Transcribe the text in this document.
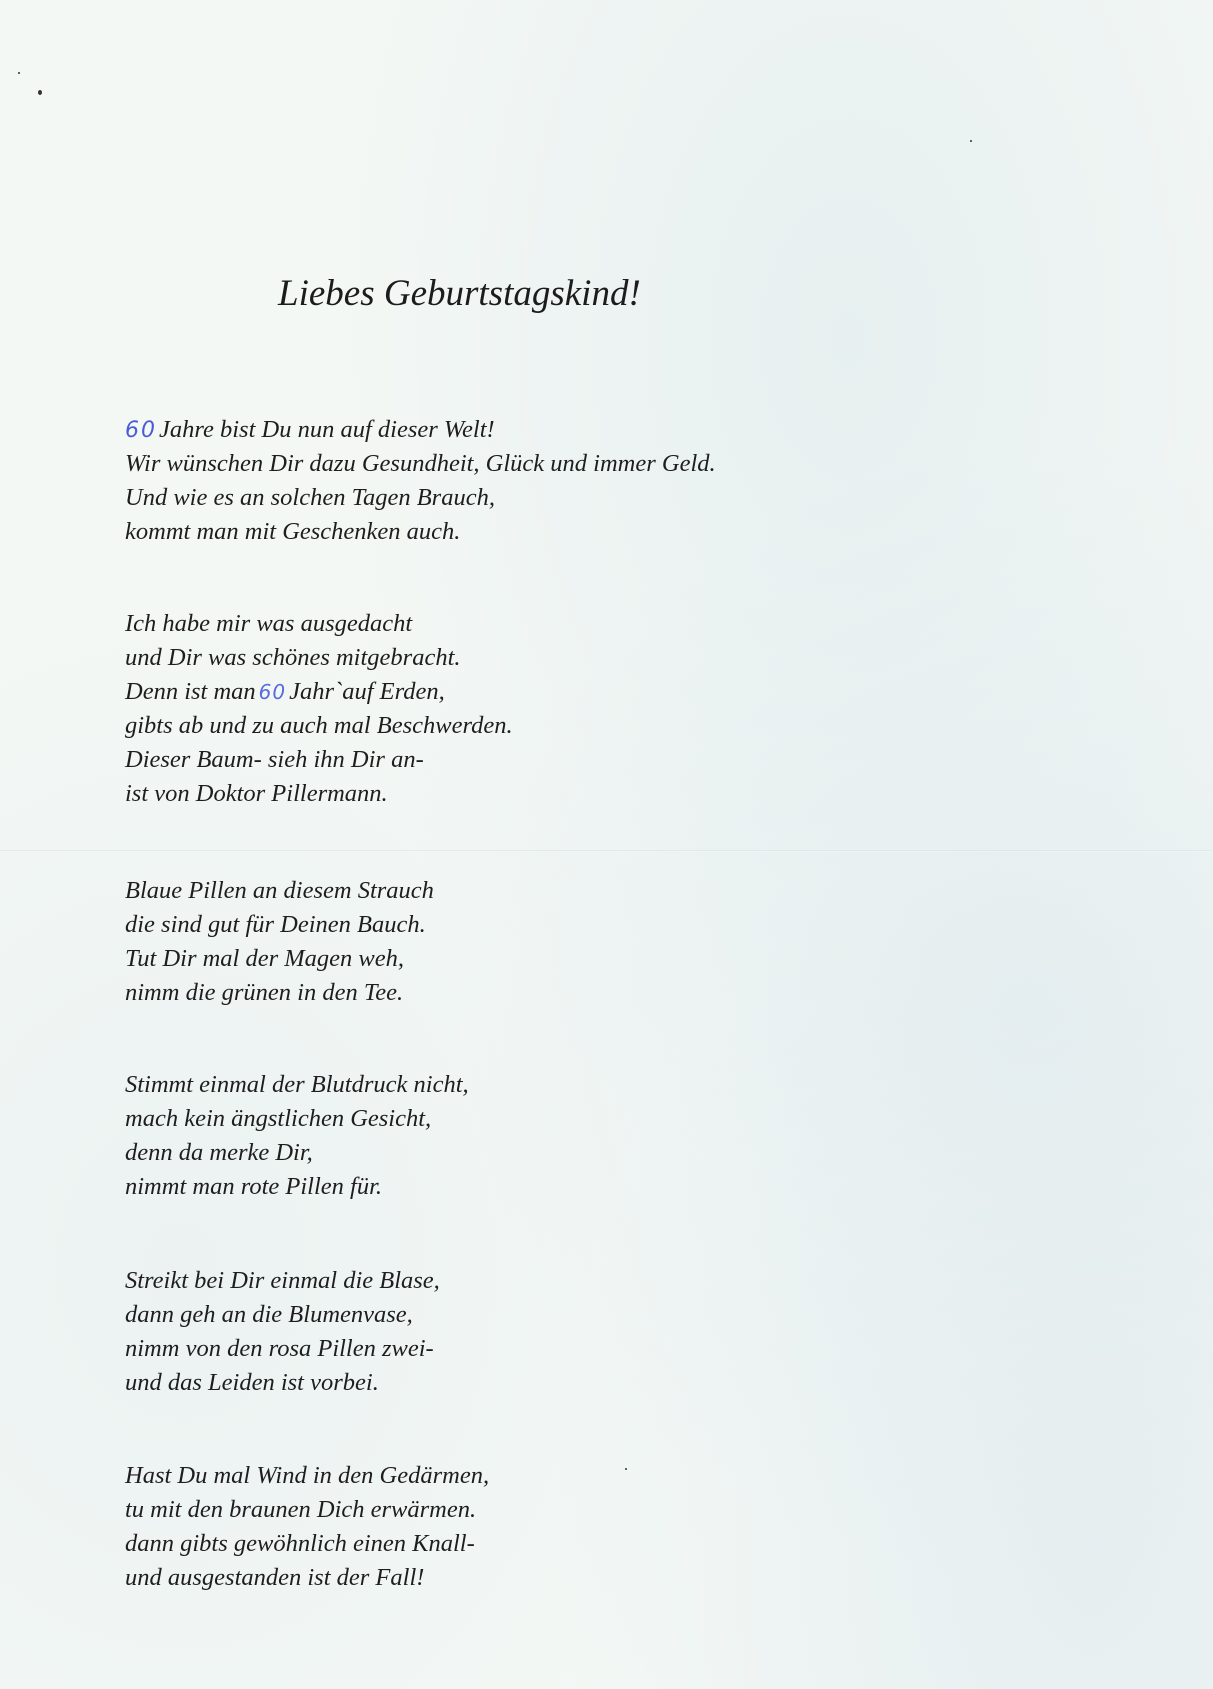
Liebes Geburtstagskind!
60Jahre bist Du nun auf dieser Welt!
Wir wünschen Dir dazu Gesundheit, Glück und immer Geld.
Und wie es an solchen Tagen Brauch,
kommt man mit Geschenken auch.
Ich habe mir was ausgedacht
und Dir was schönes mitgebracht.
Denn ist man 60 Jahr`auf Erden,
gibts ab und zu auch mal Beschwerden.
Dieser Baum- sieh ihn Dir an-
ist von Doktor Pillermann.
Blaue Pillen an diesem Strauch
die sind gut für Deinen Bauch.
Tut Dir mal der Magen weh,
nimm die grünen in den Tee.
Stimmt einmal der Blutdruck nicht,
mach kein ängstlichen Gesicht,
denn da merke Dir,
nimmt man rote Pillen für.
Streikt bei Dir einmal die Blase,
dann geh an die Blumenvase,
nimm von den rosa Pillen zwei-
und das Leiden ist vorbei.
Hast Du mal Wind in den Gedärmen,
tu mit den braunen Dich erwärmen.
dann gibts gewöhnlich einen Knall-
und ausgestanden ist der Fall!
